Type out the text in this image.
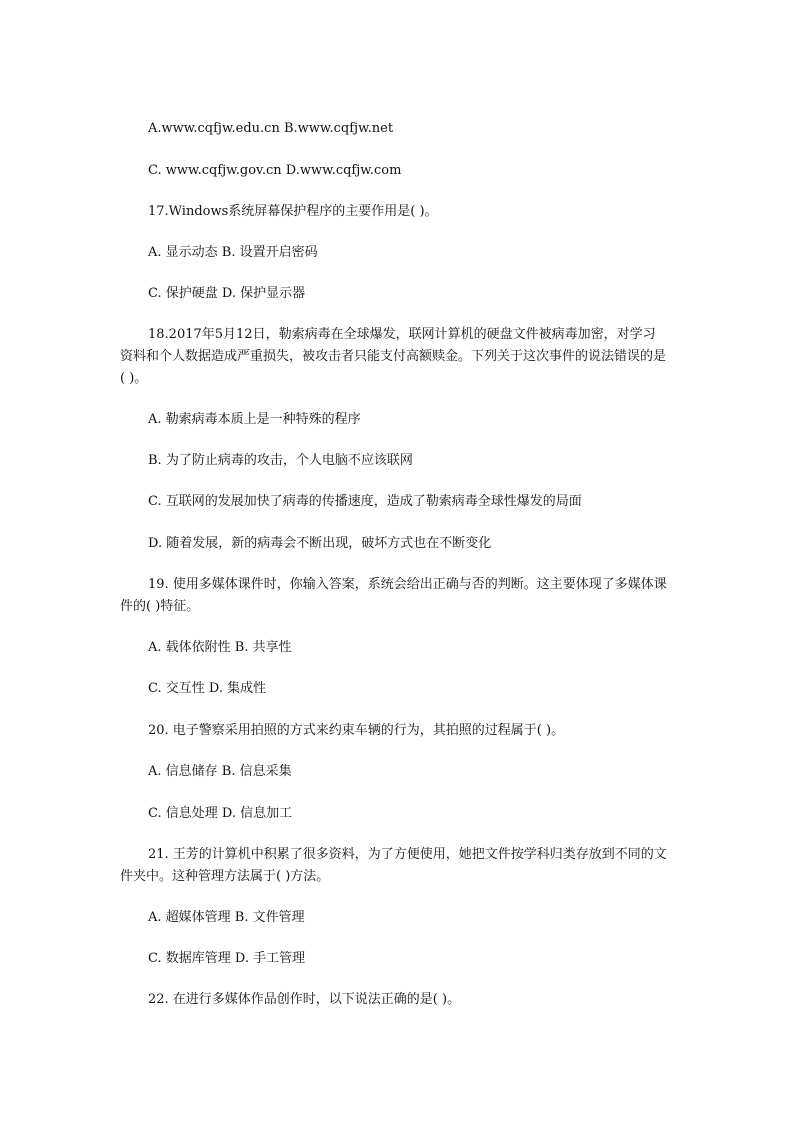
A.www.cqfjw.edu.cn B.www.cqfjw.net
C. www.cqfjw.gov.cn D.www.cqfjw.com
17.Windows系统屏幕保护程序的主要作用是( )。
A. 显示动态 B. 设置开启密码
C. 保护硬盘 D. 保护显示器
18.2017年5月12日，勒索病毒在全球爆发，联网计算机的硬盘文件被病毒加密，对学习资料和个人数据造成严重损失，被攻击者只能支付高额赎金。下列关于这次事件的说法错误的是( )。
A. 勒索病毒本质上是一种特殊的程序
B. 为了防止病毒的攻击，个人电脑不应该联网
C. 互联网的发展加快了病毒的传播速度，造成了勒索病毒全球性爆发的局面
D. 随着发展，新的病毒会不断出现，破坏方式也在不断变化
19. 使用多媒体课件时，你输入答案，系统会给出正确与否的判断。这主要体现了多媒体课件的( )特征。
A. 载体依附性 B. 共享性
C. 交互性 D. 集成性
20. 电子警察采用拍照的方式来约束车辆的行为，其拍照的过程属于( )。
A. 信息储存 B. 信息采集
C. 信息处理 D. 信息加工
21. 王芳的计算机中积累了很多资料，为了方便使用，她把文件按学科归类存放到不同的文件夹中。这种管理方法属于( )方法。
A. 超媒体管理 B. 文件管理
C. 数据库管理 D. 手工管理
22. 在进行多媒体作品创作时，以下说法正确的是( )。
